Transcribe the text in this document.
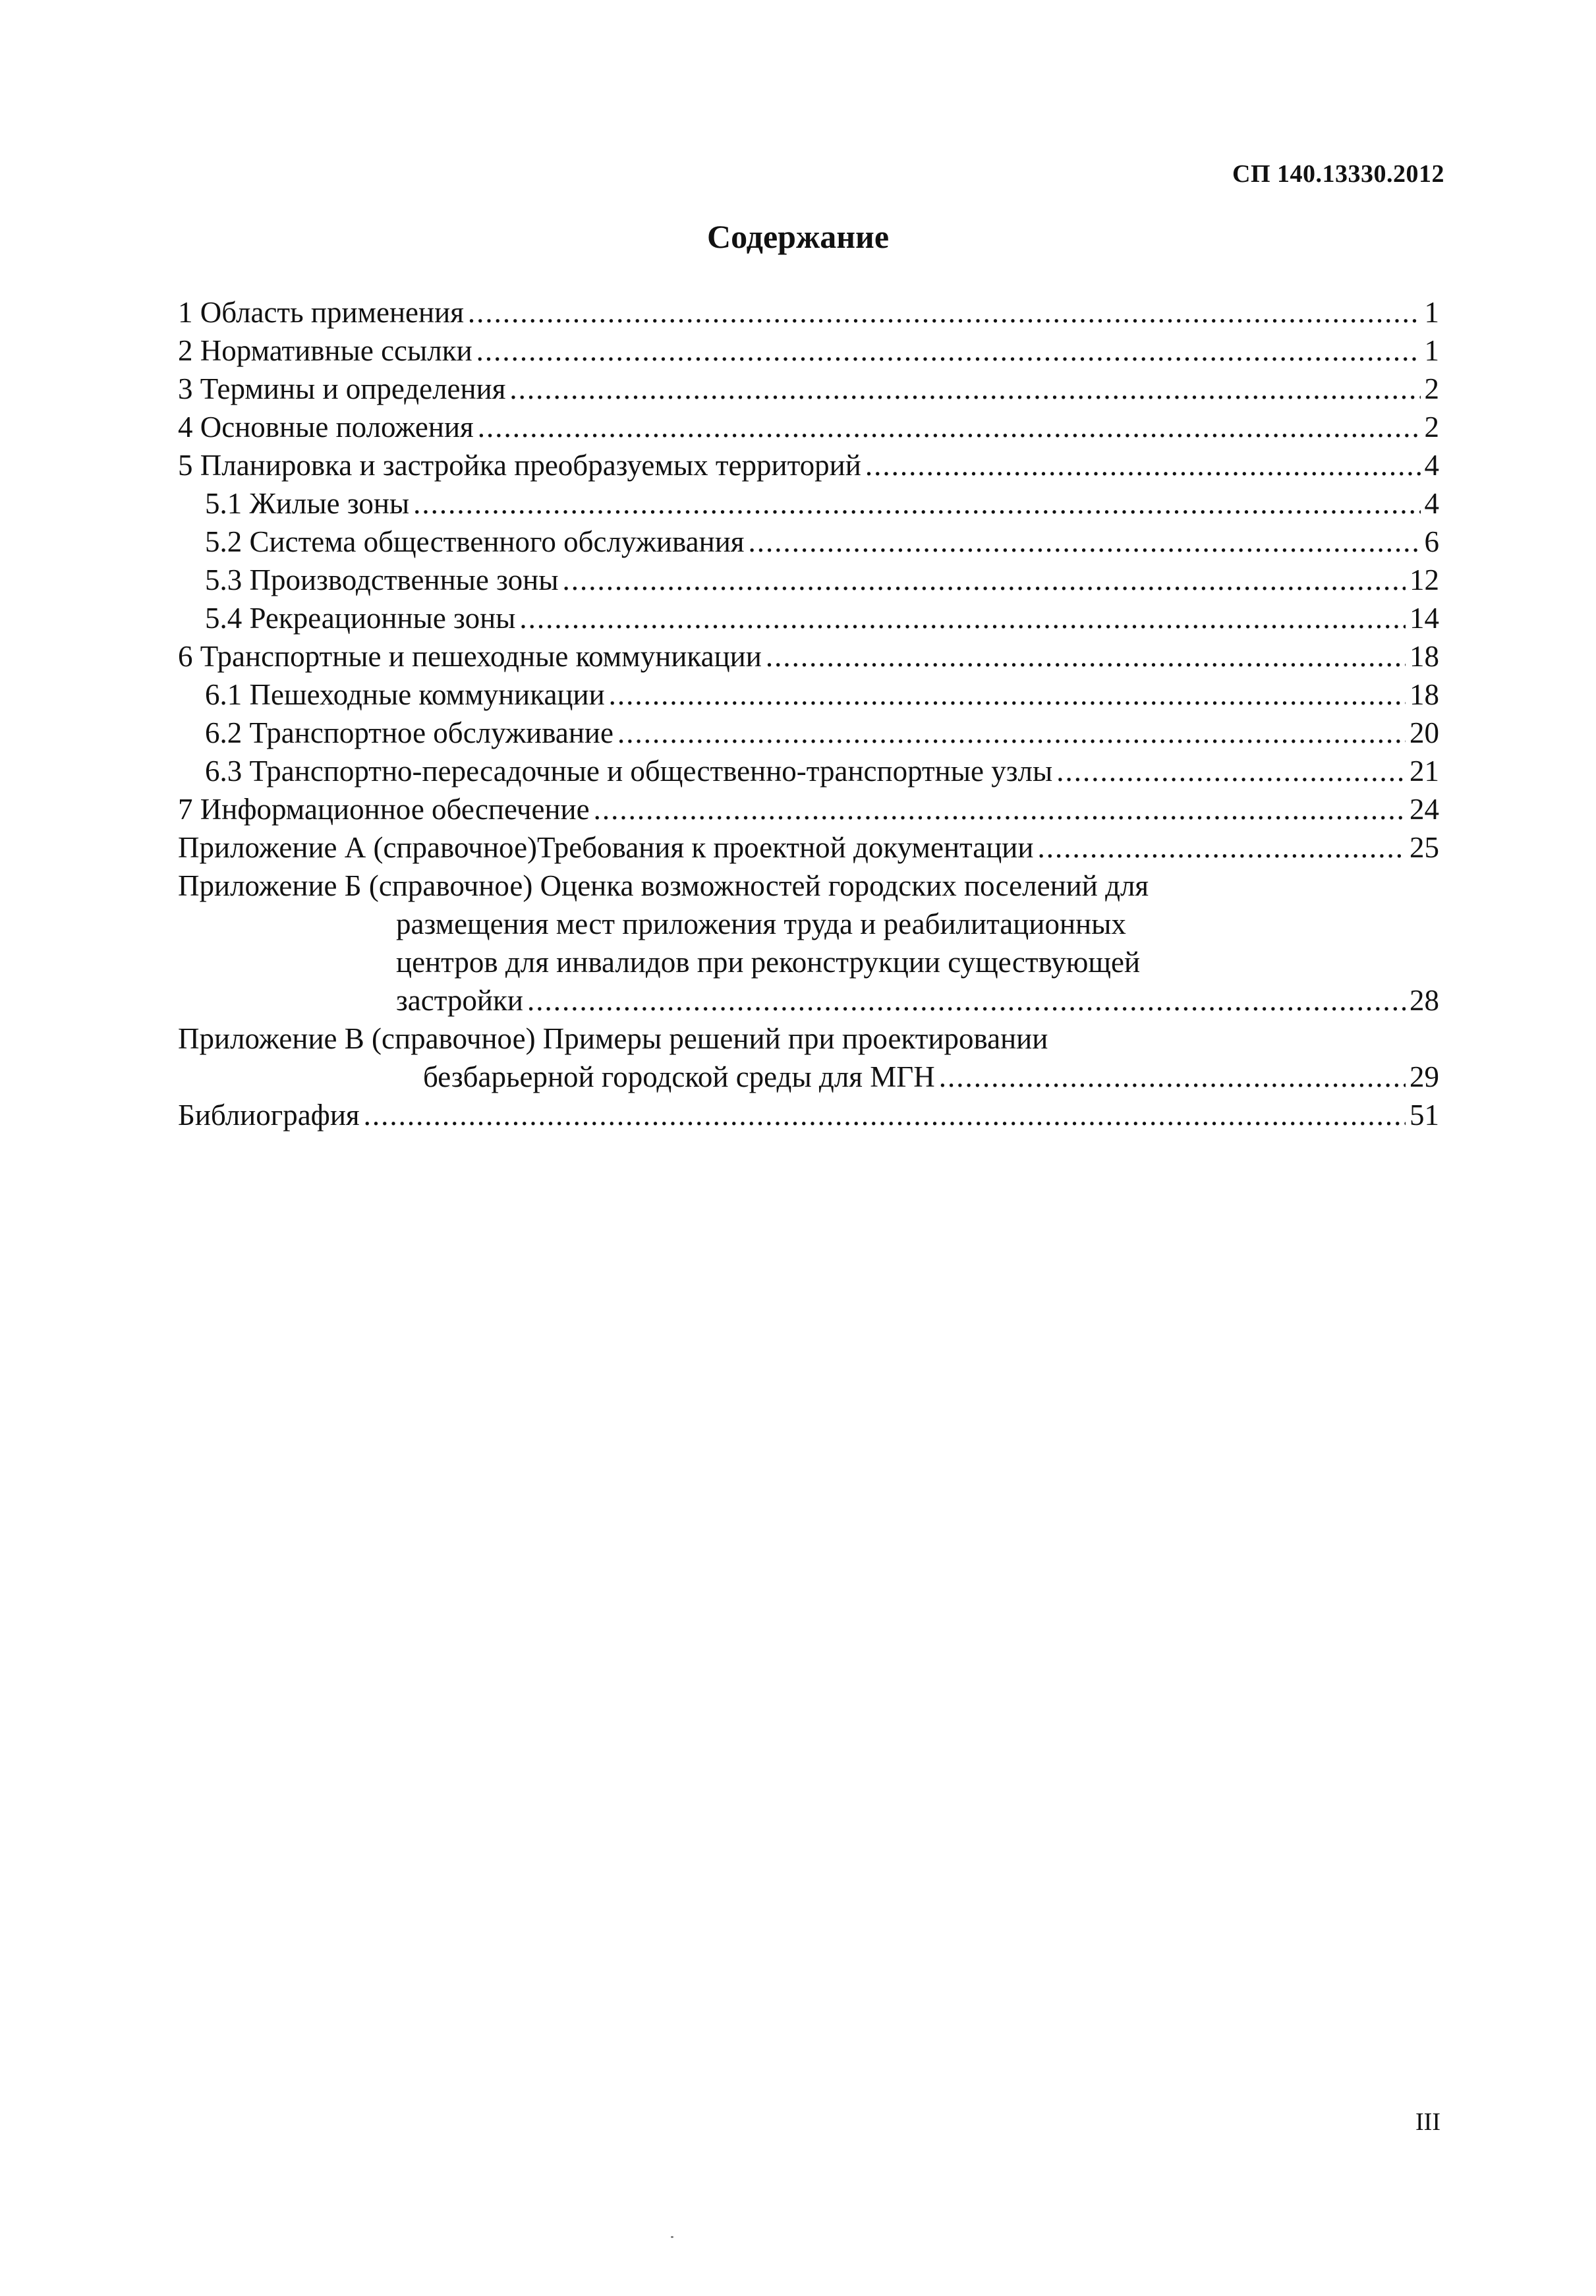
СП 140.13330.2012
Содержание
1 Область применения .....	1
2 Нормативные ссылки .....	1
3 Термины и определения .....	2
4 Основные положения .....	2
5 Планировка и застройка преобразуемых территорий .....	4
5.1 Жилые зоны .....	4
5.2 Система общественного обслуживания .....	6
5.3 Производственные зоны .....	12
5.4 Рекреационные зоны .....	14
6 Транспортные и пешеходные коммуникации .....	18
6.1 Пешеходные коммуникации .....	18
6.2 Транспортное обслуживание .....	20
6.3 Транспортно-пересадочные и общественно-транспортные узлы .....	21
7 Информационное обеспечение .....	24
Приложение А (справочное)Требования к проектной документации .....	25
Приложение Б (справочное) Оценка возможностей городских поселений для
размещения мест приложения труда и реабилитационных
центров для инвалидов при реконструкции существующей
застройки .....	28
Приложение В (справочное) Примеры решений при проектировании
безбарьерной городской среды для МГН .....	29
Библиография .....	51
III
